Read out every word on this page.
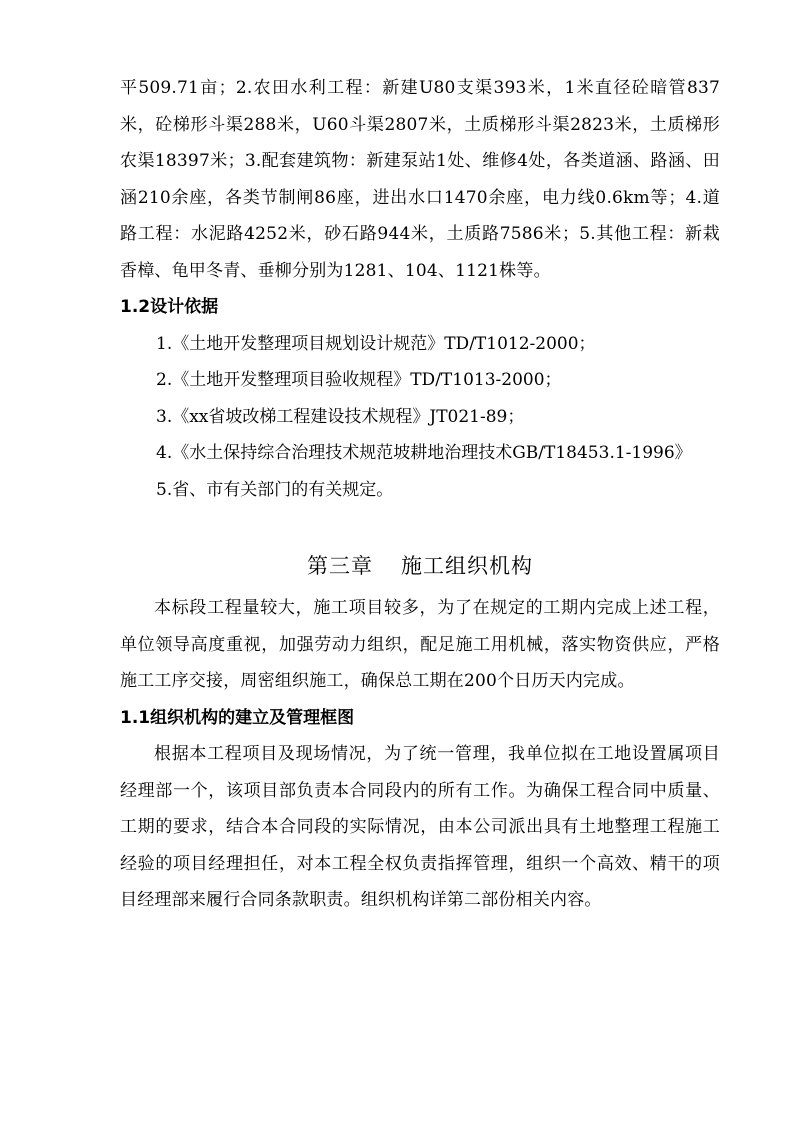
平509.71亩；2.农田水利工程：新建U80支渠393米，1米直径砼暗管837米，砼梯形斗渠288米，U60斗渠2807米，土质梯形斗渠2823米，土质梯形农渠18397米；3.配套建筑物：新建泵站1处、维修4处，各类道涵、路涵、田涵210余座，各类节制闸86座，进出水口1470余座，电力线0.6km等；4.道路工程：水泥路4252米，砂石路944米，土质路7586米；5.其他工程：新栽香樟、龟甲冬青、垂柳分别为1281、104、1121株等。

1.2设计依据
1.《土地开发整理项目规划设计规范》TD/T1012-2000；
2.《土地开发整理项目验收规程》TD/T1013-2000；
3.《xx省坡改梯工程建设技术规程》JT021-89；
4.《水土保持综合治理技术规范坡耕地治理技术GB/T18453.1-1996》
5.省、市有关部门的有关规定。
第三章 施工组织机构

本标段工程量较大，施工项目较多，为了在规定的工期内完成上述工程，单位领导高度重视，加强劳动力组织，配足施工用机械，落实物资供应，严格施工工序交接，周密组织施工，确保总工期在200个日历天内完成。

1.1组织机构的建立及管理框图

根据本工程项目及现场情况，为了统一管理，我单位拟在工地设置属项目经理部一个，该项目部负责本合同段内的所有工作。为确保工程合同中质量、工期的要求，结合本合同段的实际情况，由本公司派出具有土地整理工程施工经验的项目经理担任，对本工程全权负责指挥管理，组织一个高效、精干的项目经理部来履行合同条款职责。组织机构详第二部份相关内容。
